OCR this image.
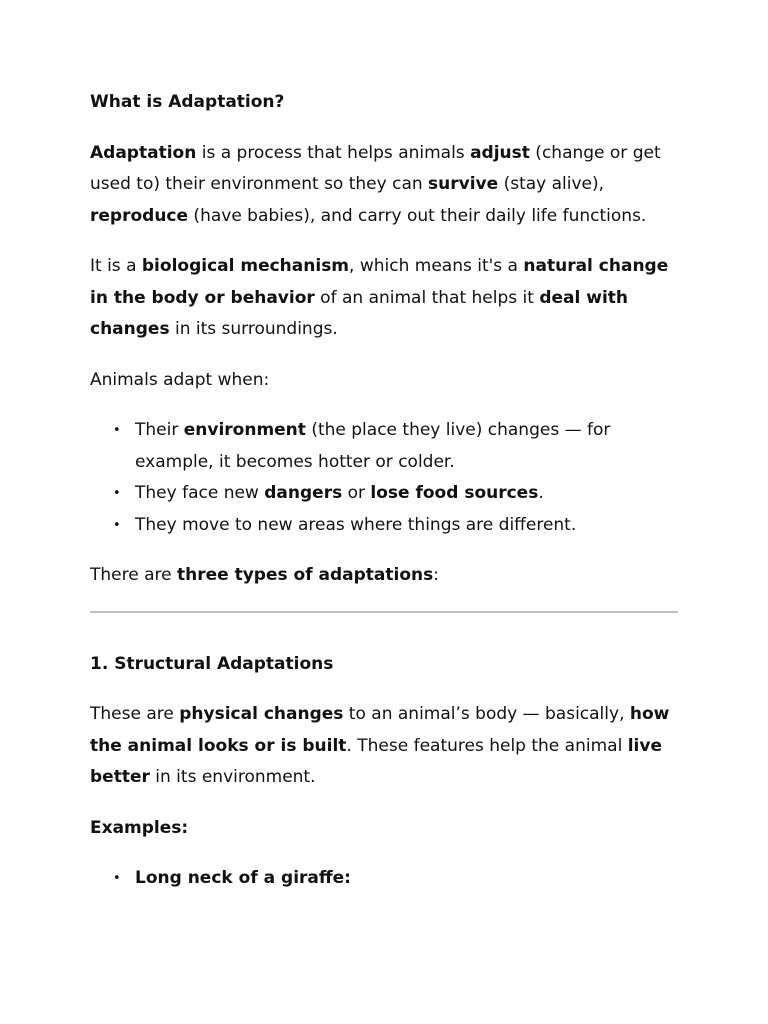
What is Adaptation?

Adaptation is a process that helps animals adjust (change or get used to) their environment so they can survive (stay alive), reproduce (have babies), and carry out their daily life functions.

It is a biological mechanism, which means it's a natural change in the body or behavior of an animal that helps it deal with changes in its surroundings.

Animals adapt when:

• Their environment (the place they live) changes — for example, it becomes hotter or colder.
• They face new dangers or lose food sources.
• They move to new areas where things are different.

There are three types of adaptations:

1. Structural Adaptations

These are physical changes to an animal’s body — basically, how the animal looks or is built. These features help the animal live better in its environment.

Examples:

• Long neck of a giraffe:
